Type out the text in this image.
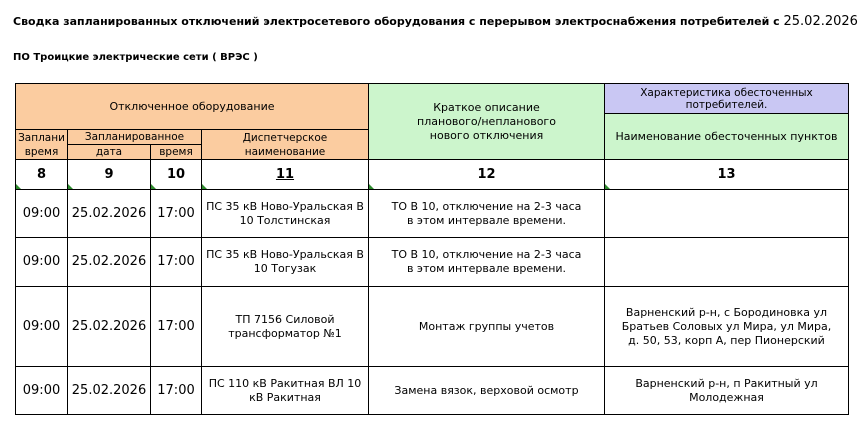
Сводка запланированных отключений электросетевого оборудования с перерывом электроснабжения потребителей с 25.02.2026
ПО Троицкие электрические сети ( ВРЭС )
Отключенное оборудование				Краткое описание планового/непланового нового отключения	Характеристика обесточенных потребителей.
					Наименование обесточенных пунктов
Заплани время	Запланированное		Диспетчерское наименование		
	дата	время			
8	9	10	11	12	13
09:00	25.02.2026	17:00	ПС 35 кВ Ново-Уральская В 10 Толстинская	ТО В 10, отключение на 2-3 часа в этом интервале времени.	
09:00	25.02.2026	17:00	ПС 35 кВ Ново-Уральская В 10 Тогузак	ТО В 10, отключение на 2-3 часа в этом интервале времени.	
09:00	25.02.2026	17:00	ТП 7156 Силовой трансформатор №1	Монтаж группы учетов	Варненский р-н, с Бородиновка ул Братьев Соловых ул Мира, ул Мира, д. 50, 53, корп А, пер Пионерский
09:00	25.02.2026	17:00	ПС 110 кВ Ракитная ВЛ 10 кВ Ракитная	Замена вязок, верховой осмотр	Варненский р-н, п Ракитный ул Молодежная
